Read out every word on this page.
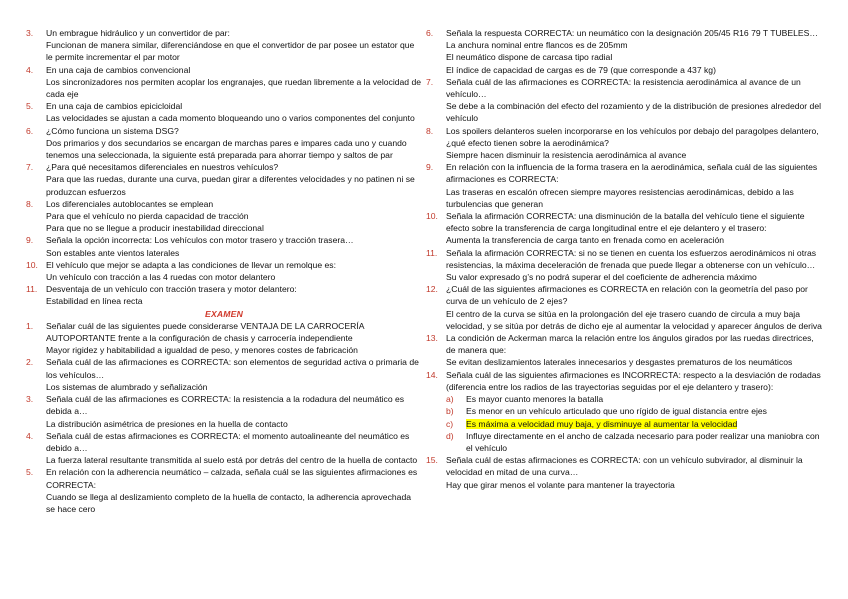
3. Un embrague hidráulico y un convertidor de par:
Funcionan de manera similar, diferenciándose en que el convertidor de par posee un estator que le permite incrementar el par motor
4. En una caja de cambios convencional
Los sincronizadores nos permiten acoplar los engranajes, que ruedan libremente a la velocidad de cada eje
5. En una caja de cambios epicicloidal
Las velocidades se ajustan a cada momento bloqueando uno o varios componentes del conjunto
6. ¿Cómo funciona un sistema DSG?
Dos primarios y dos secundarios se encargan de marchas pares e impares cada uno y cuando tenemos una seleccionada, la siguiente está preparada para ahorrar tiempo y saltos de par
7. ¿Para qué necesitamos diferenciales en nuestros vehículos?
Para que las ruedas, durante una curva, puedan girar a diferentes velocidades y no patinen ni se produzcan esfuerzos
8. Los diferenciales autoblocantes se emplean
Para que el vehículo no pierda capacidad de tracción
Para que no se llegue a producir inestabilidad direccional
9. Señala la opción incorrecta: Los vehículos con motor trasero y tracción trasera…
Son estables ante vientos laterales
10. El vehículo que mejor se adapta a las condiciones de llevar un remolque es:
Un vehículo con tracción a las 4 ruedas con motor delantero
11. Desventaja de un vehículo con tracción trasera y motor delantero:
Estabilidad en línea recta
EXAMEN
1. Señalar cuál de las siguientes puede considerarse VENTAJA DE LA CARROCERÍA AUTOPORTANTE frente a la configuración de chasis y carrocería independiente
Mayor rigidez y habitabilidad a igualdad de peso, y menores costes de fabricación
2. Señala cuál de las afirmaciones es CORRECTA: son elementos de seguridad activa o primaria de los vehículos…
Los sistemas de alumbrado y señalización
3. Señala cuál de las afirmaciones es CORRECTA: la resistencia a la rodadura del neumático es debida a…
La distribución asimétrica de presiones en la huella de contacto
4. Señala cuál de estas afirmaciones es CORRECTA: el momento autoalineante del neumático es debido a…
La fuerza lateral resultante transmitida al suelo está por detrás del centro de la huella de contacto
5. En relación con la adherencia neumático – calzada, señala cuál se las siguientes afirmaciones es CORRECTA:
Cuando se llega al deslizamiento completo de la huella de contacto, la adherencia aprovechada se hace cero
6. Señala la respuesta CORRECTA: un neumático con la designación 205/45 R16 79 T TUBELES…
La anchura nominal entre flancos es de 205mm
El neumático dispone de carcasa tipo radial
El índice de capacidad de cargas es de 79 (que corresponde a 437 kg)
7. Señala cuál de las afirmaciones es CORRECTA: la resistencia aerodinámica al avance de un vehículo…
Se debe a la combinación del efecto del rozamiento y de la distribución de presiones alrededor del vehículo
8. Los spoilers delanteros suelen incorporarse en los vehículos por debajo del paragolpes delantero, ¿qué efecto tienen sobre la aerodinámica?
Siempre hacen disminuir la resistencia aerodinámica al avance
9. En relación con la influencia de la forma trasera en la aerodinámica, señala cuál de las siguientes afirmaciones es CORRECTA:
Las traseras en escalón ofrecen siempre mayores resistencias aerodinámicas, debido a las turbulencias que generan
10. Señala la afirmación CORRECTA: una disminución de la batalla del vehículo tiene el siguiente efecto sobre la transferencia de carga longitudinal entre el eje delantero y el trasero:
Aumenta la transferencia de carga tanto en frenada como en aceleración
11. Señala la afirmación CORRECTA: si no se tienen en cuenta los esfuerzos aerodinámicos ni otras resistencias, la máxima deceleración de frenada que puede llegar a obtenerse con un vehículo…
Su valor expresado g’s no podrá superar el del coeficiente de adherencia máximo
12. ¿Cuál de las siguientes afirmaciones es CORRECTA en relación con la geometría del paso por curva de un vehículo de 2 ejes?
El centro de la curva se sitúa en la prolongación del eje trasero cuando de circula a muy baja velocidad, y se sitúa por detrás de dicho eje al aumentar la velocidad y aparecer ángulos de deriva
13. La condición de Ackerman marca la relación entre los ángulos girados por las ruedas directrices, de manera que:
Se evitan deslizamientos laterales innecesarios y desgastes prematuros de los neumáticos
14. Señala cuál de las siguientes afirmaciones es INCORRECTA: respecto a la desviación de rodadas (diferencia entre los radios de las trayectorias seguidas por el eje delantero y trasero):
a) Es mayor cuanto menores la batalla
b) Es menor en un vehículo articulado que uno rígido de igual distancia entre ejes
c) Es máxima a velocidad muy baja, y disminuye al aumentar la velocidad
d) Influye directamente en el ancho de calzada necesario para poder realizar una maniobra con el vehículo
15. Señala cuál de estas afirmaciones es CORRECTA: con un vehículo subvirador, al disminuir la velocidad en mitad de una curva…
Hay que girar menos el volante para mantener la trayectoria
